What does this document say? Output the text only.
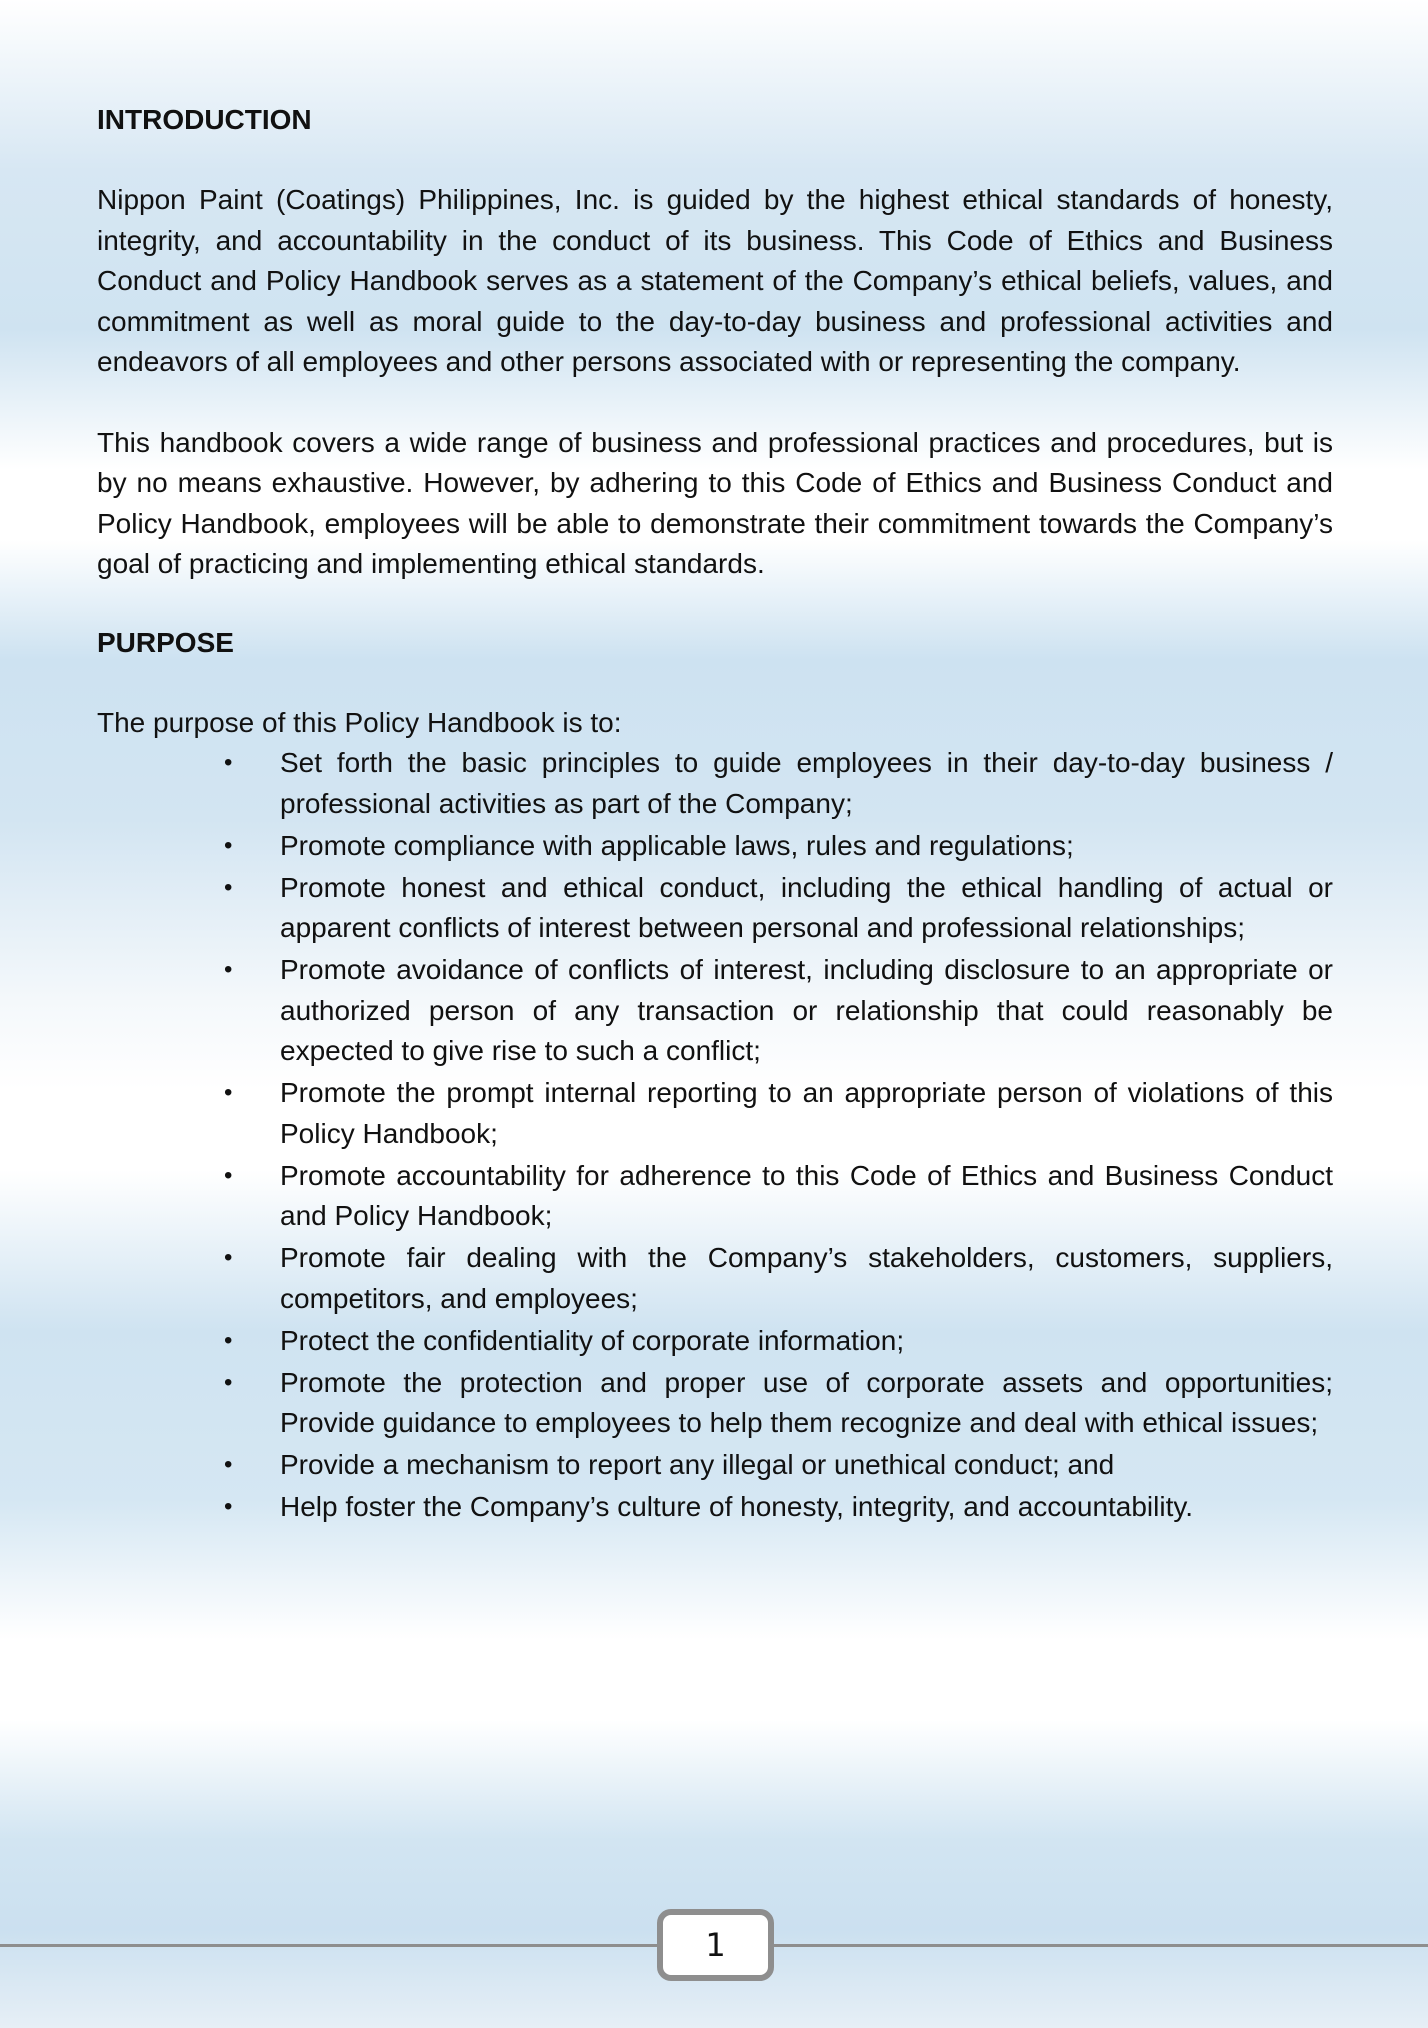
INTRODUCTION

Nippon Paint (Coatings) Philippines, Inc. is guided by the highest ethical standards of honesty, integrity, and accountability in the conduct of its business. This Code of Ethics and Business Conduct and Policy Handbook serves as a statement of the Company’s ethical beliefs, values, and commitment as well as moral guide to the day-to-day business and professional activities and endeavors of all employees and other persons associated with or representing the company.

This handbook covers a wide range of business and professional practices and procedures, but is by no means exhaustive. However, by adhering to this Code of Ethics and Business Conduct and Policy Handbook, employees will be able to demonstrate their commitment towards the Company’s goal of practicing and implementing ethical standards.

PURPOSE

The purpose of this Policy Handbook is to:

• Set forth the basic principles to guide employees in their day-to-day business / professional activities as part of the Company;
• Promote compliance with applicable laws, rules and regulations;
• Promote honest and ethical conduct, including the ethical handling of actual or apparent conflicts of interest between personal and professional relationships;
• Promote avoidance of conflicts of interest, including disclosure to an appropriate or authorized person of any transaction or relationship that could reasonably be expected to give rise to such a conflict;
• Promote the prompt internal reporting to an appropriate person of violations of this Policy Handbook;
• Promote accountability for adherence to this Code of Ethics and Business Conduct and Policy Handbook;
• Promote fair dealing with the Company’s stakeholders, customers, suppliers, competitors, and employees;
• Protect the confidentiality of corporate information;
• Promote the protection and proper use of corporate assets and opportunities; Provide guidance to employees to help them recognize and deal with ethical issues;
• Provide a mechanism to report any illegal or unethical conduct; and
• Help foster the Company’s culture of honesty, integrity, and accountability.
1
